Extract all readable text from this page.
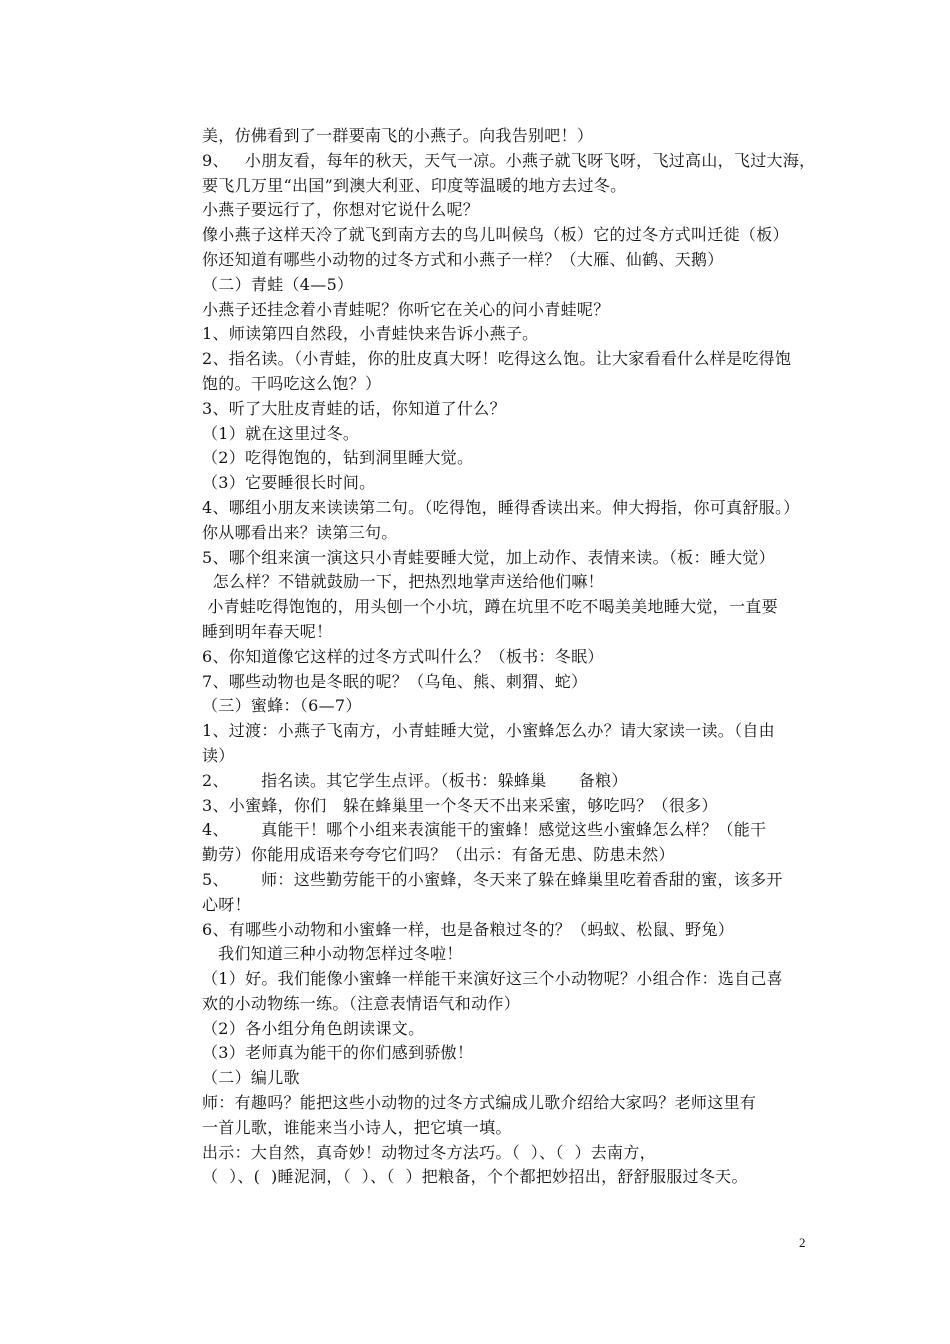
美，仿佛看到了一群要南飞的小燕子。向我告别吧！）
9、   小朋友看，每年的秋天，天气一凉。小燕子就飞呀飞呀，飞过高山，飞过大海，
要飞几万里“出国”到澳大利亚、印度等温暖的地方去过冬。
小燕子要远行了，你想对它说什么呢？
像小燕子这样天冷了就飞到南方去的鸟儿叫候鸟（板）它的过冬方式叫迁徙（板）
你还知道有哪些小动物的过冬方式和小燕子一样？（大雁、仙鹤、天鹅）
（二）青蛙（4—5）
小燕子还挂念着小青蛙呢？你听它在关心的问小青蛙呢？
1、师读第四自然段，小青蛙快来告诉小燕子。
2、指名读。（小青蛙，你的肚皮真大呀！吃得这么饱。让大家看看什么样是吃得饱
饱的。干吗吃这么饱？）
3、听了大肚皮青蛙的话，你知道了什么？
（1）就在这里过冬。
（2）吃得饱饱的，钻到洞里睡大觉。
（3）它要睡很长时间。
4、哪组小朋友来读读第二句。（吃得饱，睡得香读出来。伸大拇指，你可真舒服。）
你从哪看出来？读第三句。
5、哪个组来演一演这只小青蛙要睡大觉，加上动作、表情来读。（板：睡大觉）
怎么样？不错就鼓励一下，把热烈地掌声送给他们嘛！
小青蛙吃得饱饱的，用头刨一个小坑，蹲在坑里不吃不喝美美地睡大觉，一直要
睡到明年春天呢！
6、你知道像它这样的过冬方式叫什么？（板书：冬眠）
7、哪些动物也是冬眠的呢？（乌龟、熊、刺猬、蛇）
（三）蜜蜂：（6—7）
1、过渡：小燕子飞南方，小青蛙睡大觉，小蜜蜂怎么办？请大家读一读。（自由
读）
2、      指名读。其它学生点评。（板书：躲蜂巢      备粮）
3、小蜜蜂，你们   躲在蜂巢里一个冬天不出来采蜜，够吃吗？（很多）
4、      真能干！哪个小组来表演能干的蜜蜂！感觉这些小蜜蜂怎么样？（能干
勤劳）你能用成语来夸夸它们吗？（出示：有备无患、防患未然）
5、      师：这些勤劳能干的小蜜蜂，冬天来了躲在蜂巢里吃着香甜的蜜，该多开
心呀！
6、有哪些小动物和小蜜蜂一样，也是备粮过冬的？（蚂蚁、松鼠、野兔）
我们知道三种小动物怎样过冬啦！
（1）好。我们能像小蜜蜂一样能干来演好这三个小动物呢？小组合作：选自己喜
欢的小动物练一练。（注意表情语气和动作）
（2）各小组分角色朗读课文。
（3）老师真为能干的你们感到骄傲！
（二）编儿歌
师：有趣吗？能把这些小动物的过冬方式编成儿歌介绍给大家吗？老师这里有
一首儿歌，谁能来当小诗人，把它填一填。
出示：大自然，真奇妙！动物过冬方法巧。（  ）、（  ）去南方，
（  ）、(  )睡泥洞，（  ）、（  ）把粮备，个个都把妙招出，舒舒服服过冬天。
2
